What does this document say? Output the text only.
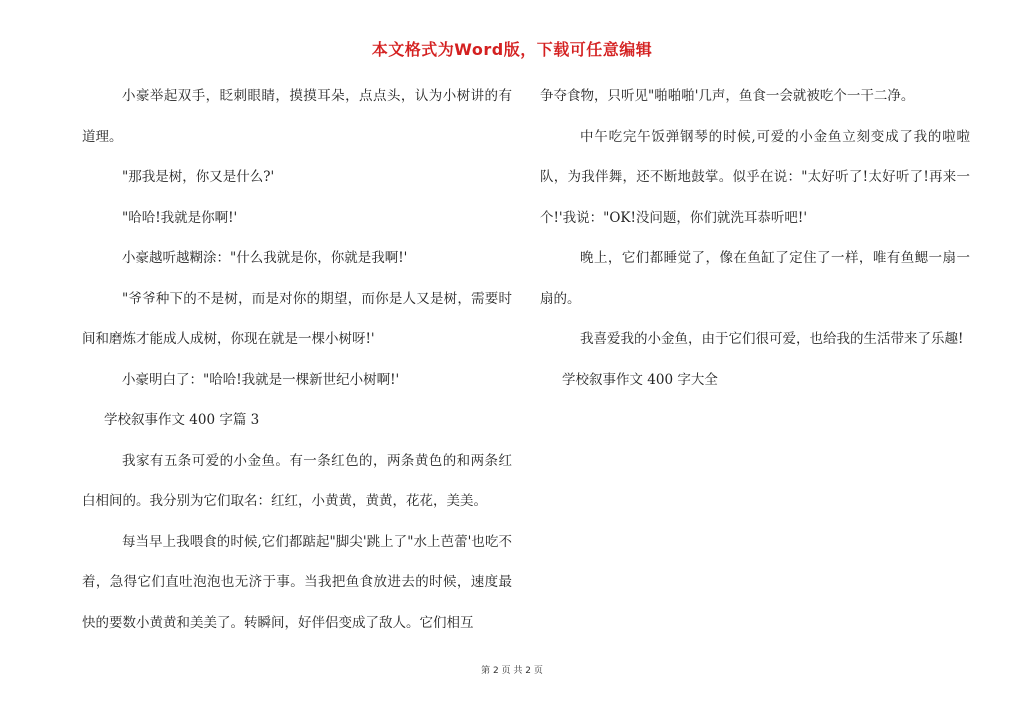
本文格式为Word版，下载可任意编辑

小豪举起双手，眨刺眼睛，摸摸耳朵，点点头，认为小树讲的有道理。

"那我是树，你又是什么?'

"哈哈!我就是你啊!'

小豪越听越糊涂："什么我就是你，你就是我啊!'

"爷爷种下的不是树，而是对你的期望，而你是人又是树，需要时间和磨炼才能成人成树，你现在就是一棵小树呀!'

小豪明白了："哈哈!我就是一棵新世纪小树啊!'

学校叙事作文 400 字篇 3

我家有五条可爱的小金鱼。有一条红色的，两条黄色的和两条红白相间的。我分别为它们取名：红红，小黄黄，黄黄，花花，美美。

每当早上我喂食的时候,它们都踮起"脚尖'跳上了"水上芭蕾'也吃不着，急得它们直吐泡泡也无济于事。当我把鱼食放进去的时候，速度最快的要数小黄黄和美美了。转瞬间，好伴侣变成了敌人。它们相互

争夺食物，只听见"啪啪啪'几声，鱼食一会就被吃个一干二净。

中午吃完午饭弹钢琴的时候,可爱的小金鱼立刻变成了我的啦啦队，为我伴舞，还不断地鼓掌。似乎在说："太好听了!太好听了!再来一个!'我说："OK!没问题，你们就洗耳恭听吧!'

晚上，它们都睡觉了，像在鱼缸了定住了一样，唯有鱼鳃一扇一扇的。

我喜爱我的小金鱼，由于它们很可爱，也给我的生活带来了乐趣!

学校叙事作文 400 字大全

第 2 页 共 2 页
